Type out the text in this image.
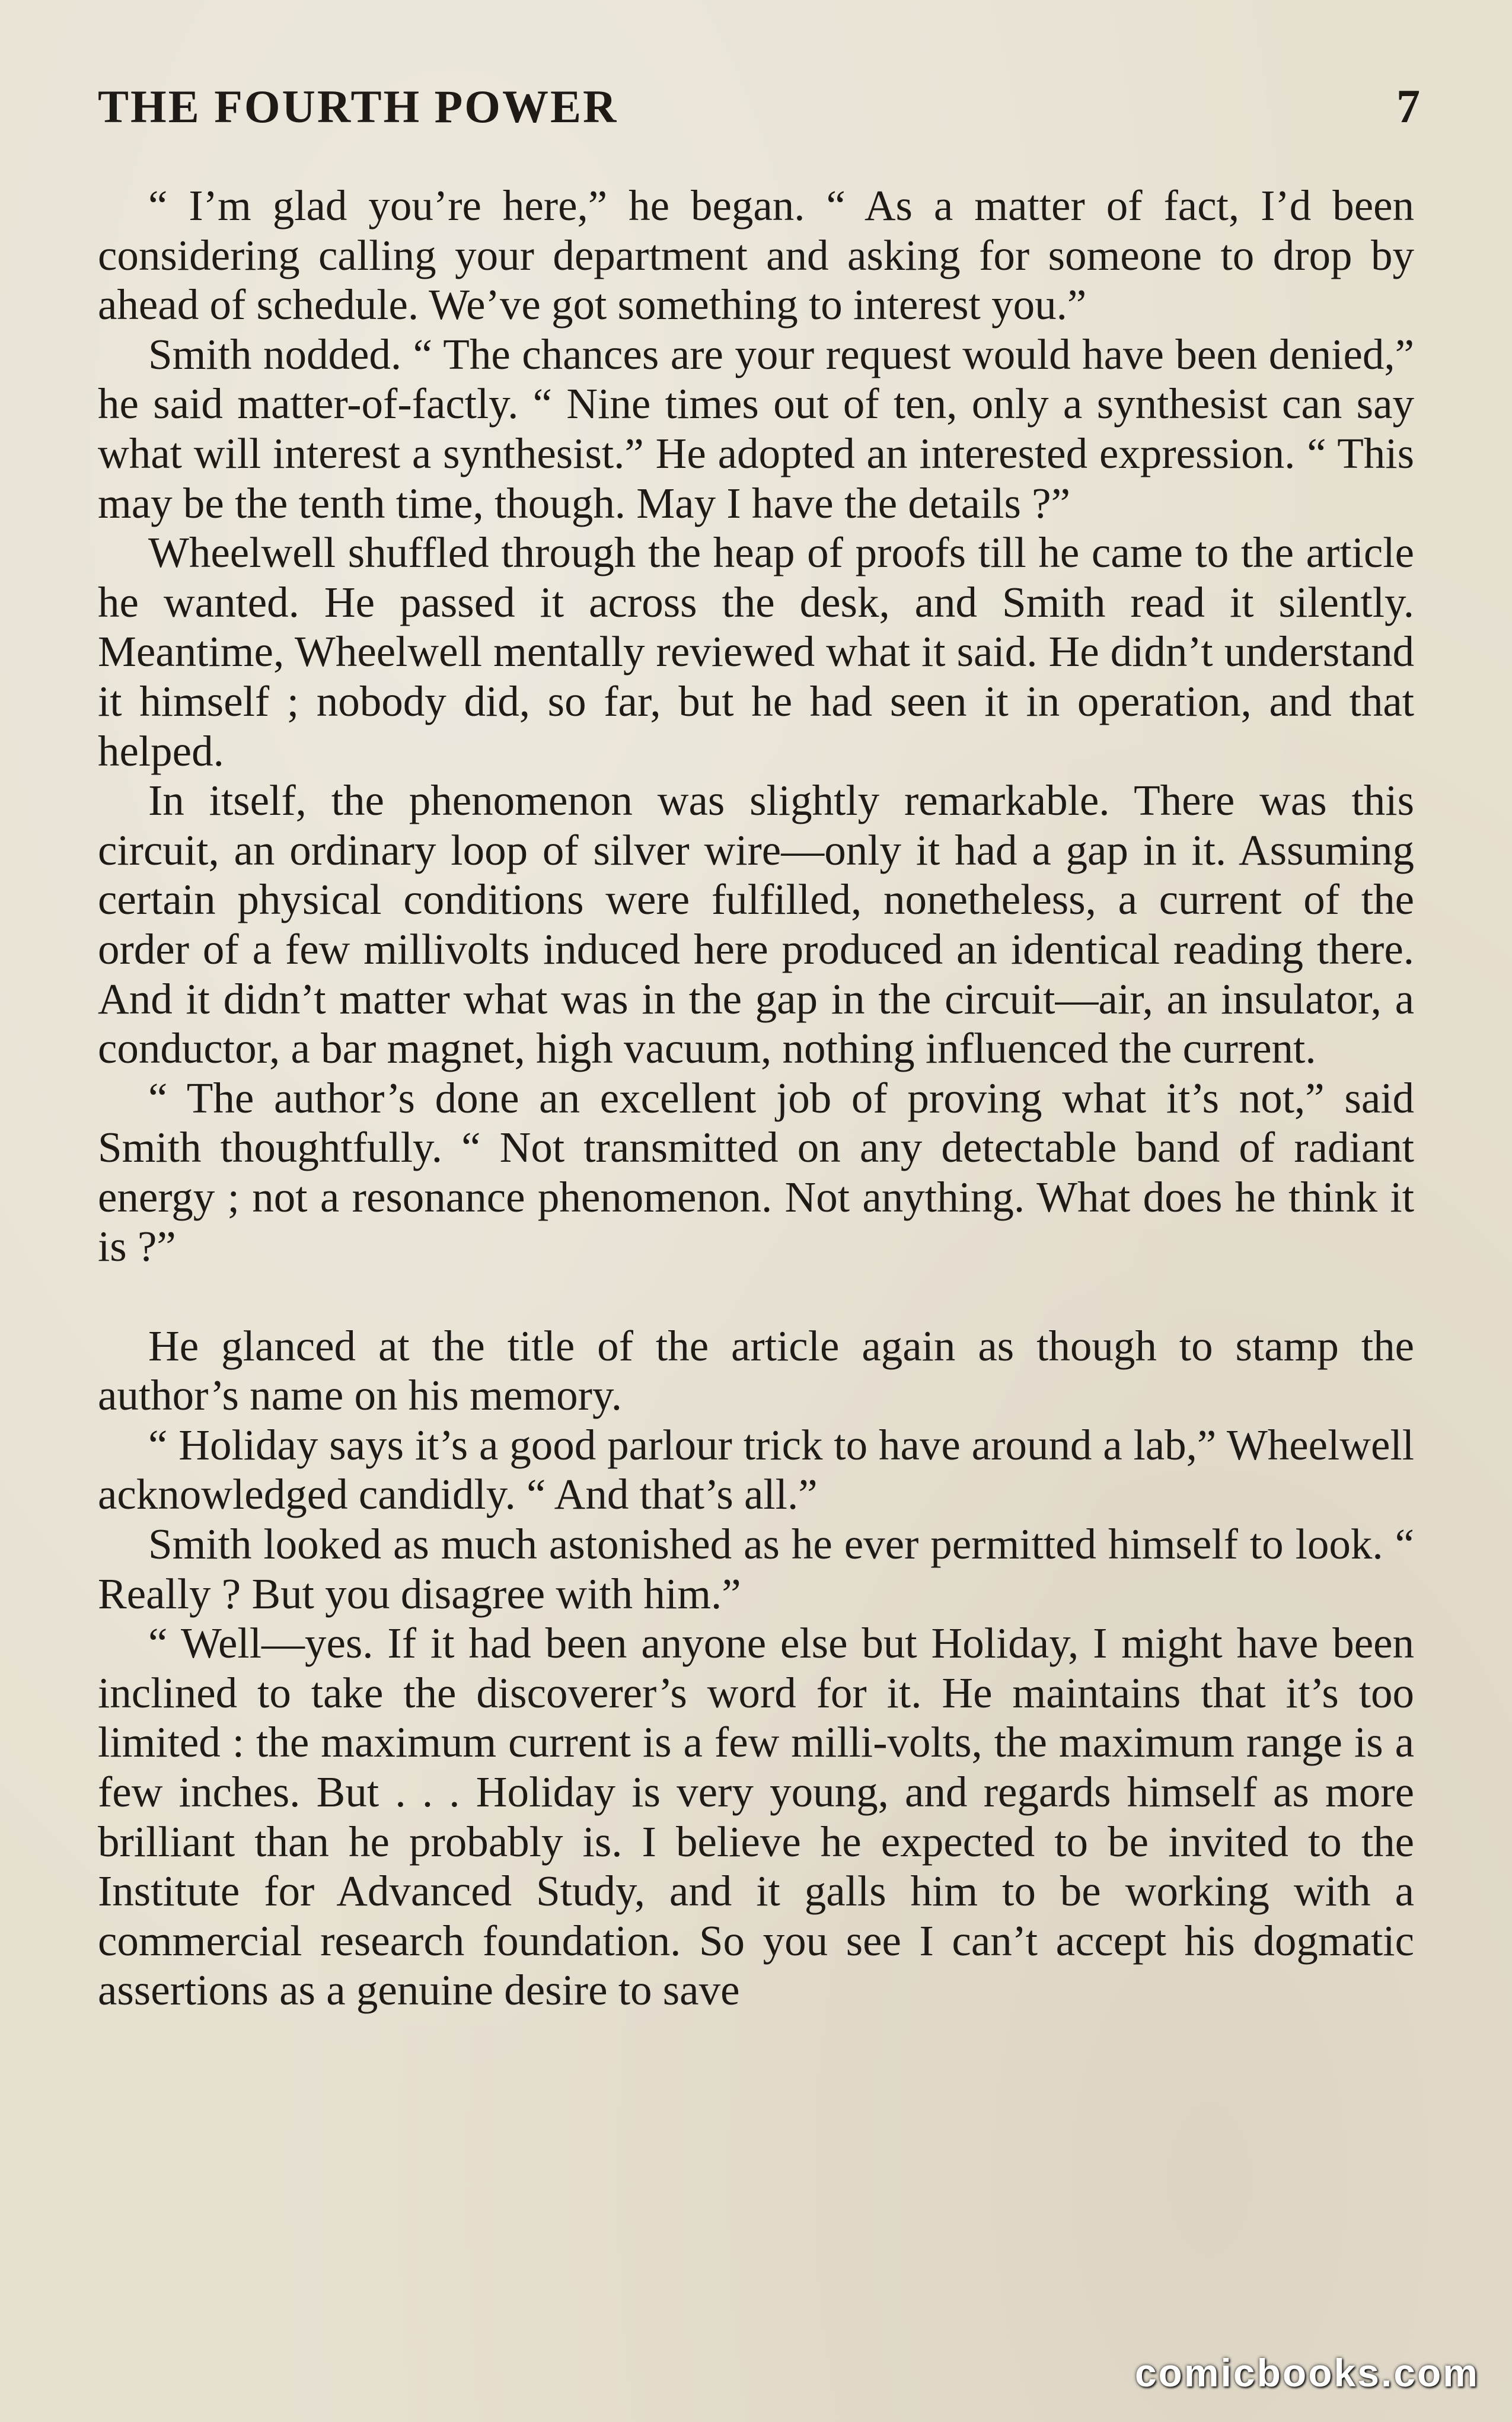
THE FOURTH POWER	7

“ I’m glad you’re here,” he began. “ As a matter of fact, I’d been considering calling your department and asking for someone to drop by ahead of schedule. We’ve got something to interest you.”

Smith nodded. “ The chances are your request would have been denied,” he said matter-of-factly. “ Nine times out of ten, only a synthesist can say what will interest a synthesist.” He adopted an interested expression. “ This may be the tenth time, though. May I have the details ?”

Wheelwell shuffled through the heap of proofs till he came to the article he wanted. He passed it across the desk, and Smith read it silently. Meantime, Wheelwell mentally reviewed what it said. He didn’t understand it himself ; nobody did, so far, but he had seen it in operation, and that helped.

In itself, the phenomenon was slightly remarkable. There was this circuit, an ordinary loop of silver wire—only it had a gap in it. Assuming certain physical conditions were fulfilled, nonetheless, a current of the order of a few millivolts induced here produced an identical reading there. And it didn’t matter what was in the gap in the circuit—air, an insulator, a conductor, a bar magnet, high vacuum, nothing influenced the current.

“ The author’s done an excellent job of proving what it’s not,” said Smith thoughtfully. “ Not transmitted on any detectable band of radiant energy ; not a resonance phenomenon. Not anything. What does he think it is ?”

He glanced at the title of the article again as though to stamp the author’s name on his memory.

“ Holiday says it’s a good parlour trick to have around a lab,” Wheelwell acknowledged candidly. “ And that’s all.”

Smith looked as much astonished as he ever permitted himself to look. “ Really ? But you disagree with him.”

“ Well—yes. If it had been anyone else but Holiday, I might have been inclined to take the discoverer’s word for it. He maintains that it’s too limited : the maximum current is a few milli-volts, the maximum range is a few inches. But . . . Holiday is very young, and regards himself as more brilliant than he probably is. I believe he expected to be invited to the Institute for Advanced Study, and it galls him to be working with a commercial research foundation. So you see I can’t accept his dogmatic assertions as a genuine desire to save

comicbooks.com
